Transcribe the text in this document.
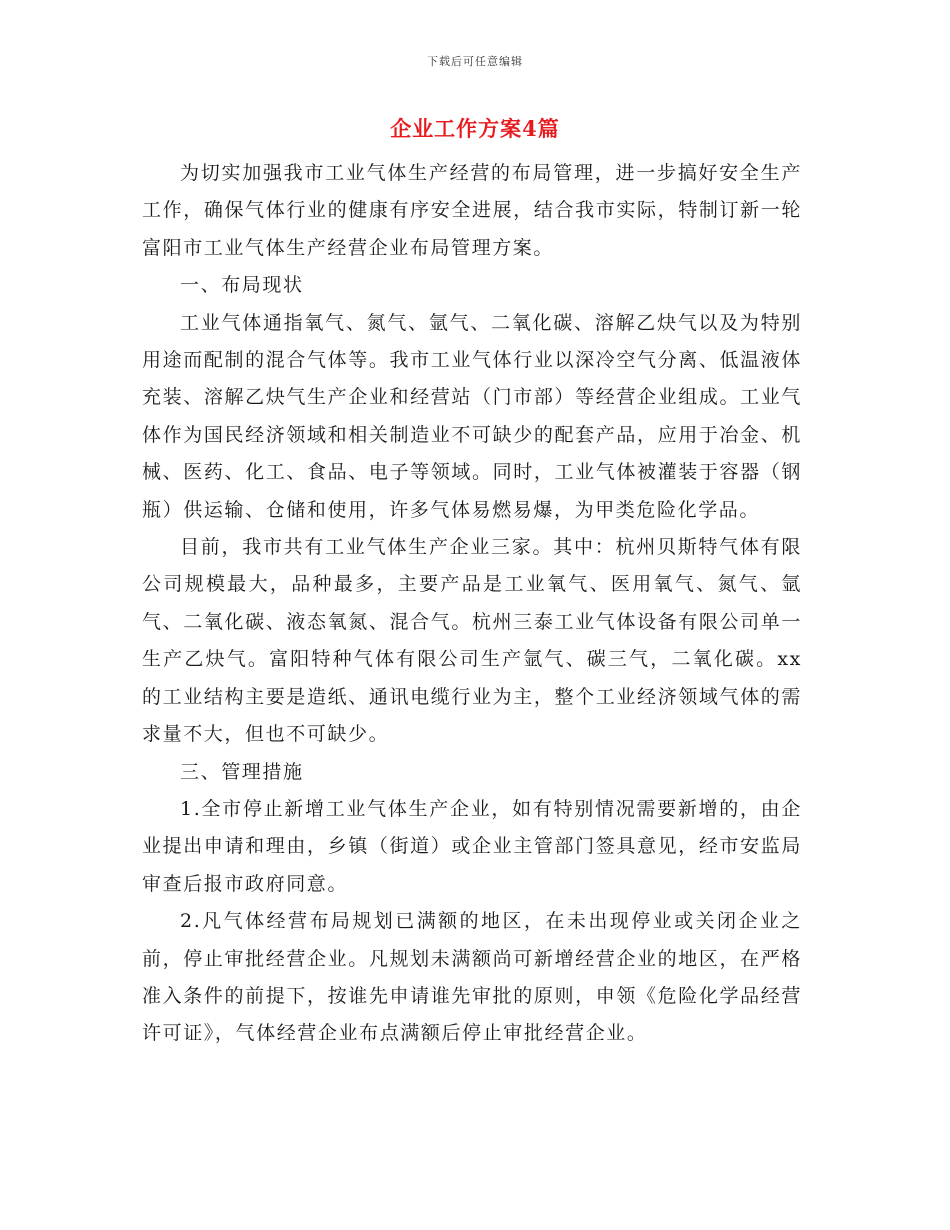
下载后可任意编辑
企业工作方案4篇

为切实加强我市工业气体生产经营的布局管理，进一步搞好安全生产工作，确保气体行业的健康有序安全进展，结合我市实际，特制订新一轮富阳市工业气体生产经营企业布局管理方案。

一、布局现状

工业气体通指氧气、氮气、氩气、二氧化碳、溶解乙炔气以及为特别用途而配制的混合气体等。我市工业气体行业以深冷空气分离、低温液体充装、溶解乙炔气生产企业和经营站（门市部）等经营企业组成。工业气体作为国民经济领域和相关制造业不可缺少的配套产品，应用于冶金、机械、医药、化工、食品、电子等领域。同时，工业气体被灌装于容器（钢瓶）供运输、仓储和使用，许多气体易燃易爆，为甲类危险化学品。

目前，我市共有工业气体生产企业三家。其中：杭州贝斯特气体有限公司规模最大，品种最多，主要产品是工业氧气、医用氧气、氮气、氩气、二氧化碳、液态氧氮、混合气。杭州三泰工业气体设备有限公司单一生产乙炔气。富阳特种气体有限公司生产氩气、碳三气，二氧化碳。xx的工业结构主要是造纸、通讯电缆行业为主，整个工业经济领域气体的需求量不大，但也不可缺少。

三、管理措施

1.全市停止新增工业气体生产企业，如有特别情况需要新增的，由企业提出申请和理由，乡镇（街道）或企业主管部门签具意见，经市安监局审查后报市政府同意。

2.凡气体经营布局规划已满额的地区，在未出现停业或关闭企业之前，停止审批经营企业。凡规划未满额尚可新增经营企业的地区，在严格准入条件的前提下，按谁先申请谁先审批的原则，申领《危险化学品经营许可证》，气体经营企业布点满额后停止审批经营企业。
